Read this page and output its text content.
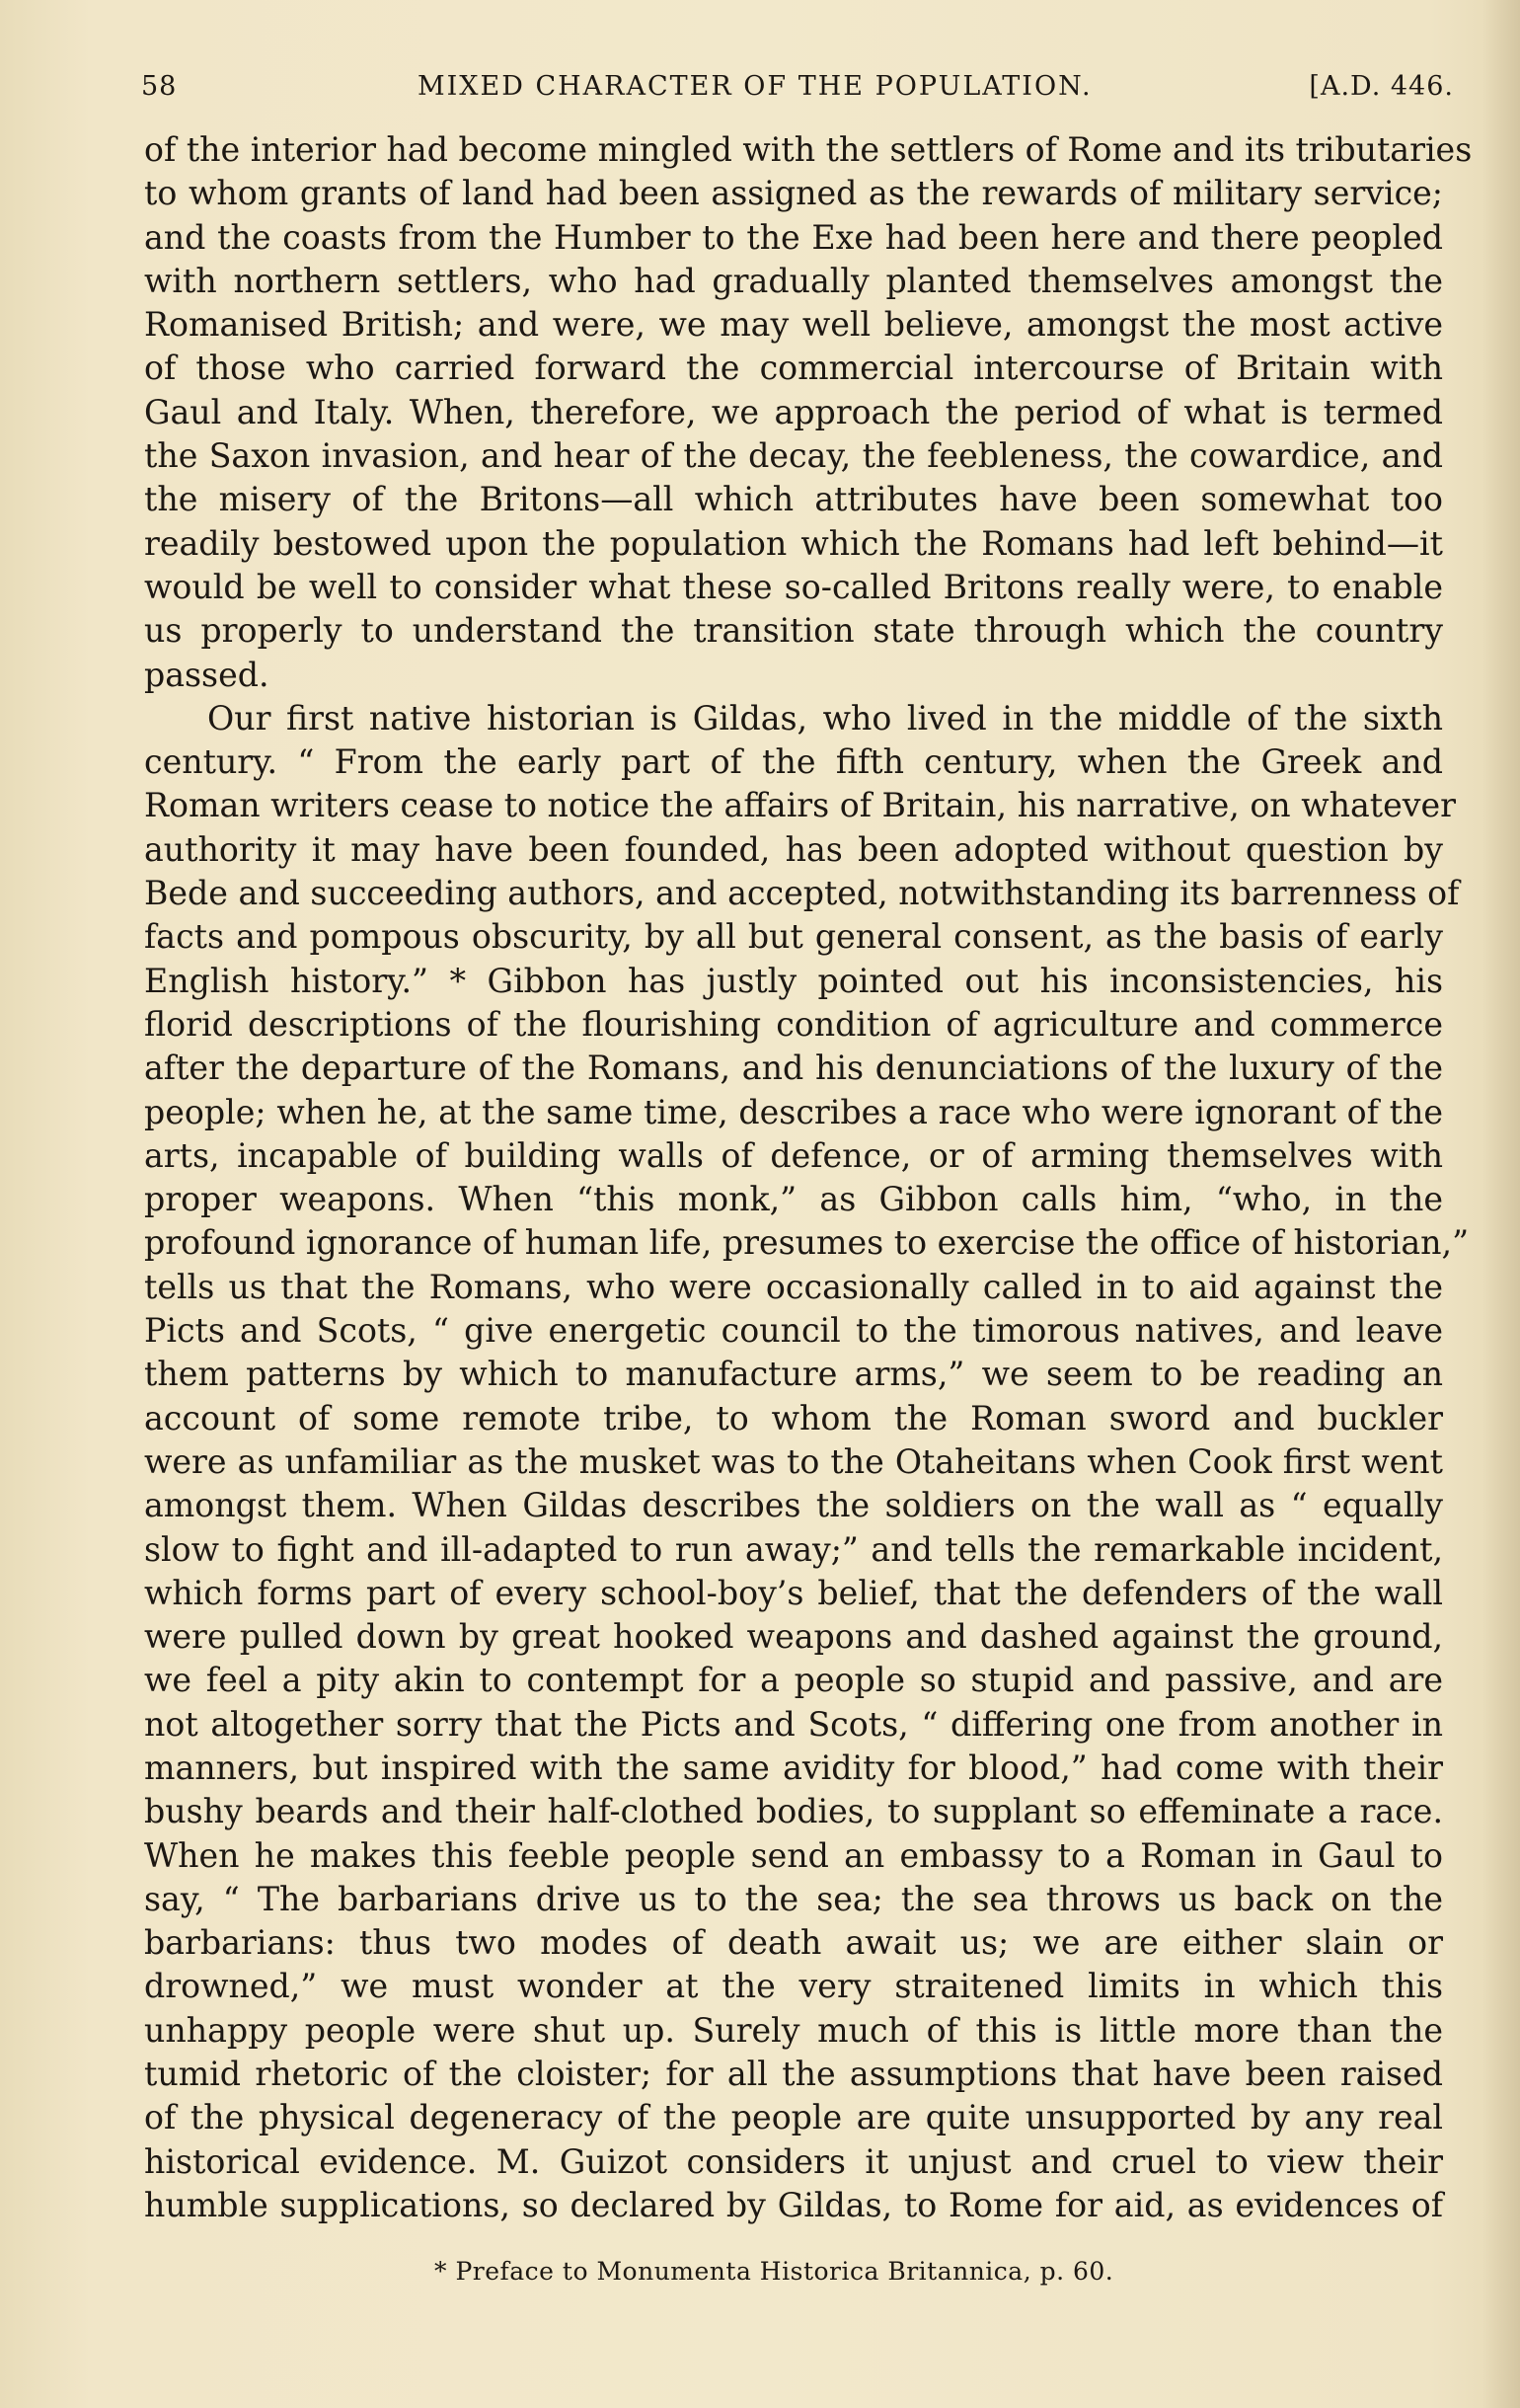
58	MIXED CHARACTER OF THE POPULATION.	[A.D. 446.
of the interior had become mingled with the settlers of Rome and its tributaries
to whom grants of land had been assigned as the rewards of military service;
and the coasts from the Humber to the Exe had been here and there peopled
with northern settlers, who had gradually planted themselves amongst the
Romanised British; and were, we may well believe, amongst the most active
of those who carried forward the commercial intercourse of Britain with
Gaul and Italy. When, therefore, we approach the period of what is termed
the Saxon invasion, and hear of the decay, the feebleness, the cowardice, and
the misery of the Britons—all which attributes have been somewhat too
readily bestowed upon the population which the Romans had left behind—it
would be well to consider what these so-called Britons really were, to enable
us properly to understand the transition state through which the country
passed.
Our first native historian is Gildas, who lived in the middle of the sixth
century. “ From the early part of the fifth century, when the Greek and
Roman writers cease to notice the affairs of Britain, his narrative, on whatever
authority it may have been founded, has been adopted without question by
Bede and succeeding authors, and accepted, notwithstanding its barrenness of
facts and pompous obscurity, by all but general consent, as the basis of early
English history.” * Gibbon has justly pointed out his inconsistencies, his
florid descriptions of the flourishing condition of agriculture and commerce
after the departure of the Romans, and his denunciations of the luxury of the
people; when he, at the same time, describes a race who were ignorant of the
arts, incapable of building walls of defence, or of arming themselves with
proper weapons. When “this monk,” as Gibbon calls him, “who, in the
profound ignorance of human life, presumes to exercise the office of historian,”
tells us that the Romans, who were occasionally called in to aid against the
Picts and Scots, “ give energetic council to the timorous natives, and leave
them patterns by which to manufacture arms,” we seem to be reading an
account of some remote tribe, to whom the Roman sword and buckler
were as unfamiliar as the musket was to the Otaheitans when Cook first went
amongst them. When Gildas describes the soldiers on the wall as “ equally
slow to fight and ill-adapted to run away;” and tells the remarkable incident,
which forms part of every school-boy’s belief, that the defenders of the wall
were pulled down by great hooked weapons and dashed against the ground,
we feel a pity akin to contempt for a people so stupid and passive, and are
not altogether sorry that the Picts and Scots, “ differing one from another in
manners, but inspired with the same avidity for blood,” had come with their
bushy beards and their half-clothed bodies, to supplant so effeminate a race.
When he makes this feeble people send an embassy to a Roman in Gaul to
say, “ The barbarians drive us to the sea; the sea throws us back on the
barbarians: thus two modes of death await us; we are either slain or
drowned,” we must wonder at the very straitened limits in which this
unhappy people were shut up. Surely much of this is little more than the
tumid rhetoric of the cloister; for all the assumptions that have been raised
of the physical degeneracy of the people are quite unsupported by any real
historical evidence. M. Guizot considers it unjust and cruel to view their
humble supplications, so declared by Gildas, to Rome for aid, as evidences of
* Preface to Monumenta Historica Britannica, p. 60.
